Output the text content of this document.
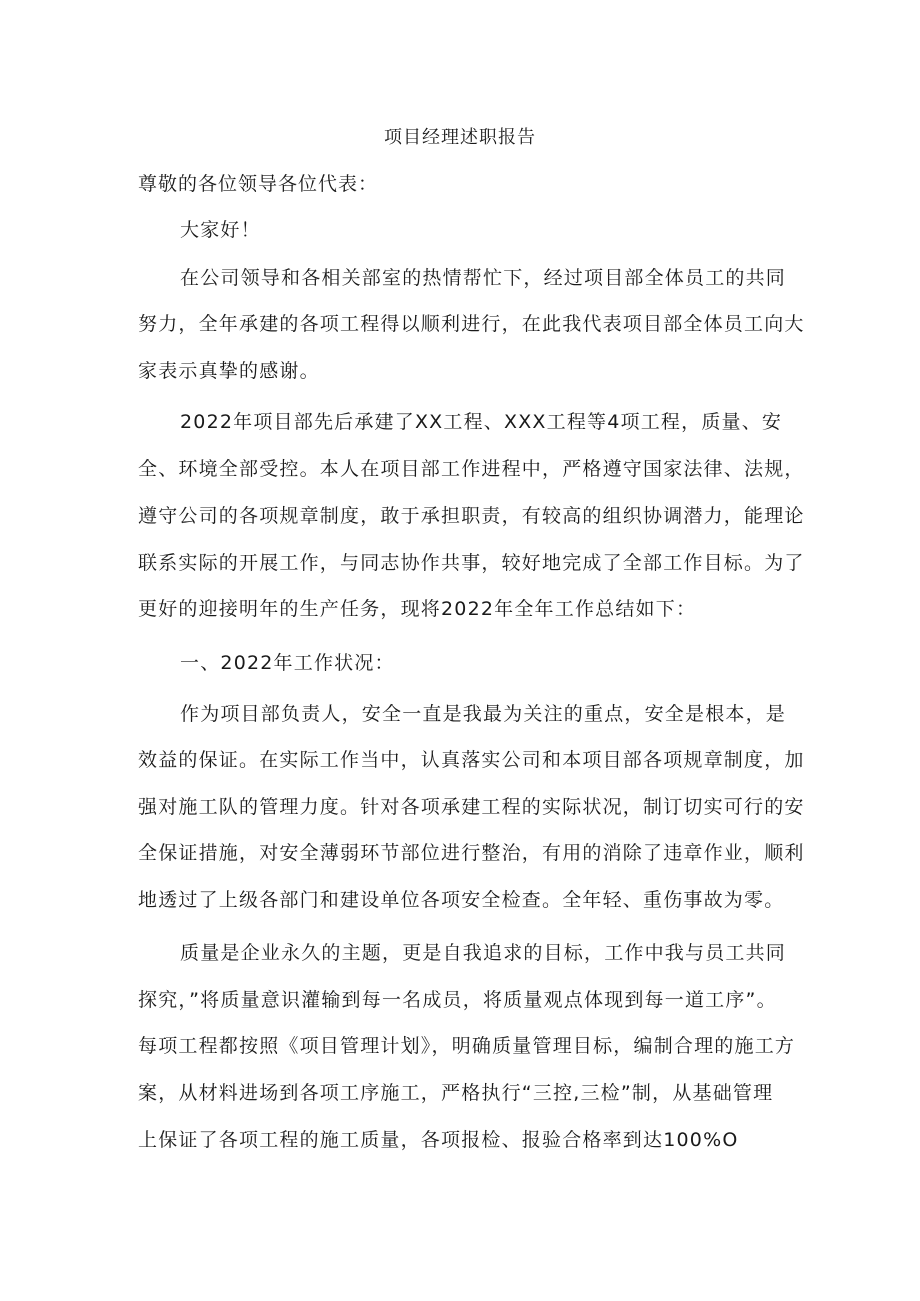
项目经理述职报告
尊敬的各位领导各位代表：
大家好！
在公司领导和各相关部室的热情帮忙下，经过项目部全体员工的共同
努力，全年承建的各项工程得以顺利进行，在此我代表项目部全体员工向大
家表示真挚的感谢。
2022年项目部先后承建了XX工程、XXX工程等4项工程，质量、安
全、环境全部受控。本人在项目部工作进程中，严格遵守国家法律、法规，
遵守公司的各项规章制度，敢于承担职责，有较高的组织协调潜力，能理论
联系实际的开展工作，与同志协作共事，较好地完成了全部工作目标。为了
更好的迎接明年的生产任务，现将2022年全年工作总结如下：
一、2022年工作状况：
作为项目部负责人，安全一直是我最为关注的重点，安全是根本，是
效益的保证。在实际工作当中，认真落实公司和本项目部各项规章制度，加
强对施工队的管理力度。针对各项承建工程的实际状况，制订切实可行的安
全保证措施，对安全薄弱环节部位进行整治，有用的消除了违章作业，顺利
地透过了上级各部门和建设单位各项安全检查。全年轻、重伤事故为零。
质量是企业永久的主题，更是自我追求的目标，工作中我与员工共同
探究，”将质量意识灌输到每一名成员，将质量观点体现到每一道工序”。
每项工程都按照《项目管理计划》，明确质量管理目标，编制合理的施工方
案，从材料进场到各项工序施工，严格执行“三控,三检”制，从基础管理
上保证了各项工程的施工质量，各项报检、报验合格率到达100%O
